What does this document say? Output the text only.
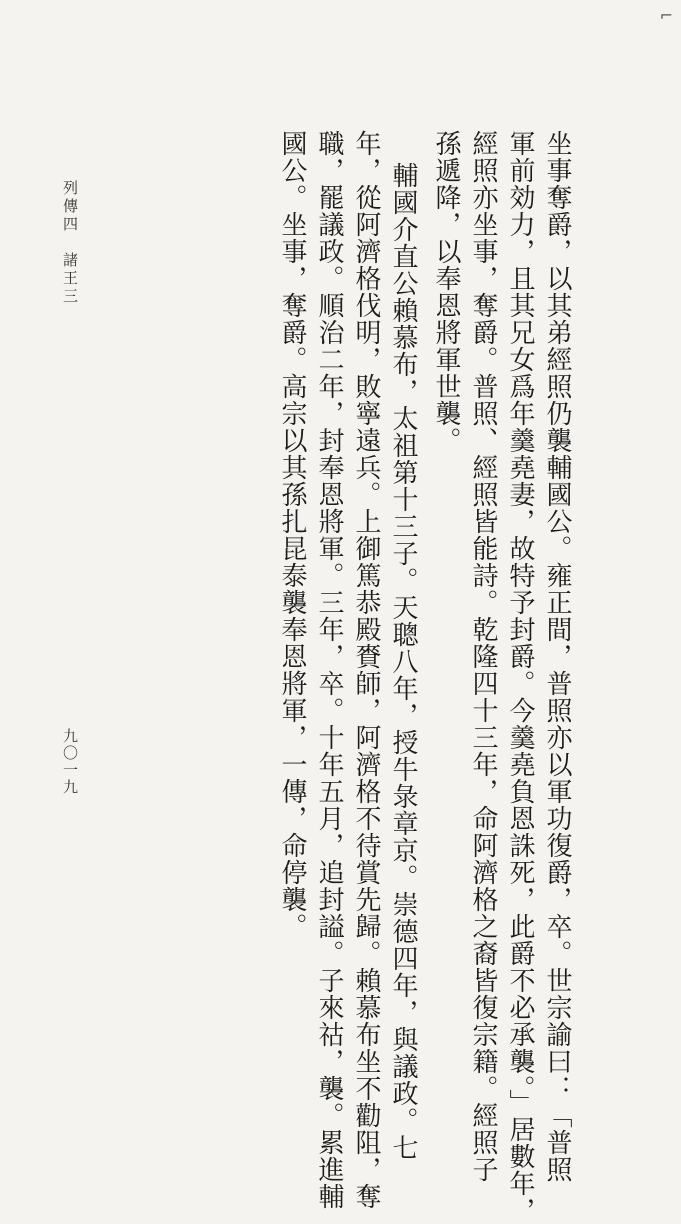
⌐
列傳四　諸王三
九〇一九	坐事奪爵，以其弟經照仍襲輔國公。雍正間，普照亦以軍功復爵，卒。世宗諭曰：「普照
軍前効力，且其兄女爲年羹堯妻，故特予封爵。今羹堯負恩誅死，此爵不必承襲。」居數年，
經照亦坐事，奪爵。普照、經照皆能詩。乾隆四十三年，命阿濟格之裔皆復宗籍。經照子
孫遞降，以奉恩將軍世襲。
輔國介直公賴慕布，太祖第十三子。天聰八年，授牛彔章京。崇德四年，與議政。七
年，從阿濟格伐明，敗寧遠兵。上御篤恭殿賚師，阿濟格不待賞先歸。賴慕布坐不勸阻，奪
職，罷議政。順治二年，封奉恩將軍。三年，卒。十年五月，追封謚。子來祜，襲。累進輔
國公。坐事，奪爵。高宗以其孫扎昆泰襲奉恩將軍，一傳，命停襲。
